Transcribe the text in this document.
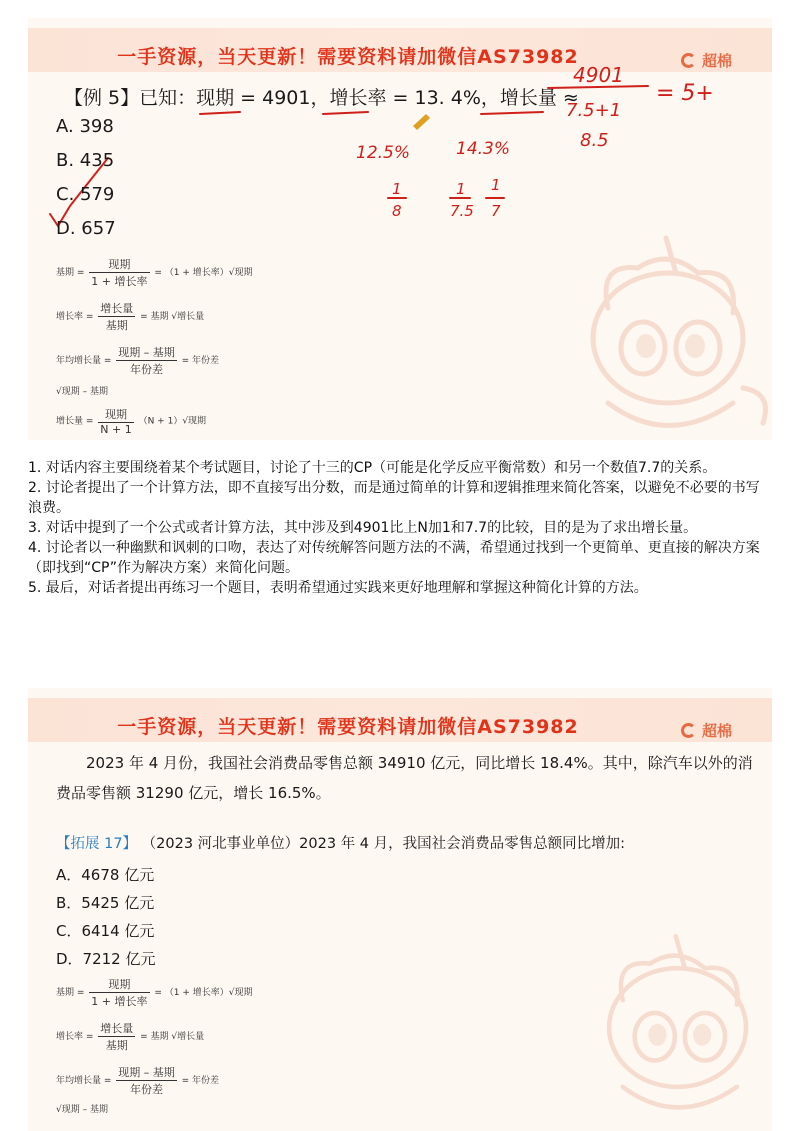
一手资源，当天更新！需要资料请加微信AS73982	超棉
【例 5】已知：现期 = 4901，增长率 = 13. 4%，增长量 ≈
4901
7.5+1
8.5
= 5+
12.5%	14.3%
1
8
1
7.5
1
7
A. 398
B. 435
C. 579
D. 657
基期 = $\frac{\text{现期}}{\text{1 + 增长率}} = (1$ + 增长率）√现期
增长率 = $\frac{\text{增长量}}{\text{基期}}$ = 基期 √增长量
年均增长量 = $\frac{\text{现期 – 基期}}{\text{年份差}}$ = 年份差
√现期 – 基期
增长量 = $\frac{\text{现期}}{N + 1} (N + 1)√$现期

1. 对话内容主要围绕着某个考试题目，讨论了十三的CP（可能是化学反应平衡常数）和另一个数值7.7的关系。

2. 讨论者提出了一个计算方法，即不直接写出分数，而是通过简单的计算和逻辑推理来简化答案，以避免不必要的书写浪费。

3. 对话中提到了一个公式或者计算方法，其中涉及到4901比上N加1和7.7的比较，目的是为了求出增长量。

4. 讨论者以一种幽默和讽刺的口吻，表达了对传统解答问题方法的不满，希望通过找到一个更简单、更直接的解决方案（即找到“CP”作为解决方案）来简化问题。

5. 最后，对话者提出再练习一个题目，表明希望通过实践来更好地理解和掌握这种简化计算的方法。

一手资源，当天更新！需要资料请加微信AS73982	超棉
2023 年 4 月份，我国社会消费品零售总额 34910 亿元，同比增长 18.4%。其中，除汽车以外的消费品零售额 31290 亿元，增长 16.5%。
【拓展 17】 （2023 河北事业单位）2023 年 4 月，我国社会消费品零售总额同比增加:
A．4678 亿元
B．5425 亿元
C．6414 亿元
D．7212 亿元
基期 = $\frac{\text{现期}}{\text{1 + 增长率}} = (1$ + 增长率）√现期
增长率 = $\frac{\text{增长量}}{\text{基期}}$ = 基期 √增长量
年均增长量 = $\frac{\text{现期 – 基期}}{\text{年份差}}$ = 年份差
√现期 – 基期
